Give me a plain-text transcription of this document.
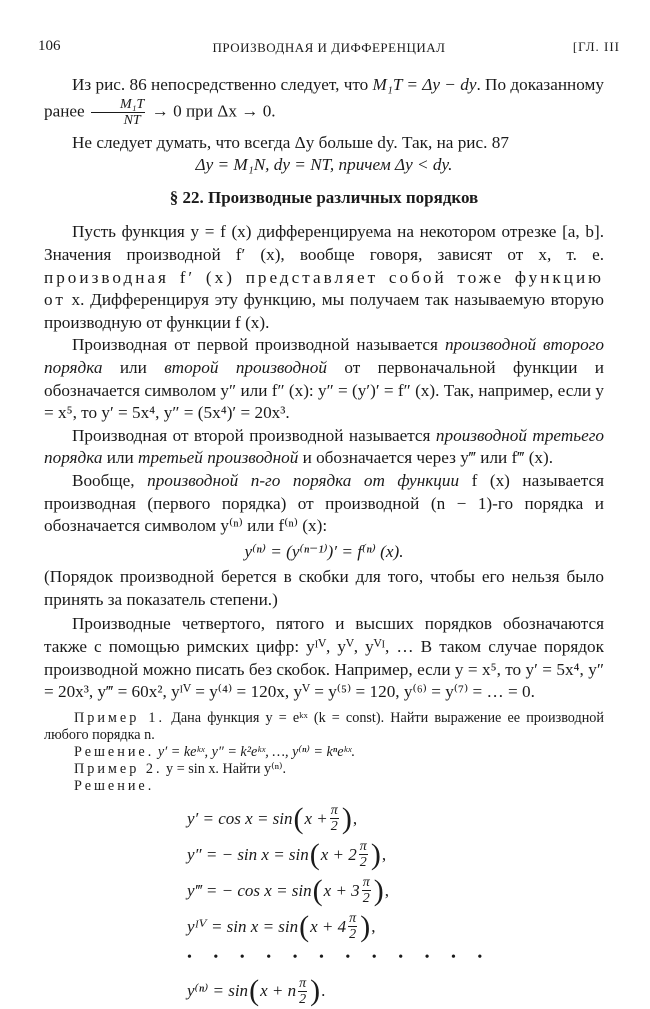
106	ПРОИЗВОДНАЯ И ДИФФЕРЕНЦИАЛ	[ГЛ. III

Из рис. 86 непосредственно следует, что M₁T = Δy − dy. По доказанному ранее $\frac{\text{M₁T}}{NT} \to 0$ при Δx → 0.

Не следует думать, что всегда Δy больше dy. Так, на рис. 87

Δy = M₁N, dy = NT, причем Δy < dy.

§ 22. Производные различных порядков

Пусть функция y = f (x) дифференцируема на некотором отрезке [a, b]. Значения производной f′ (x), вообще говоря, зависят от x, т. е. производная f′ (x) представляет собой тоже функцию от x. Дифференцируя эту функцию, мы получаем так называемую вторую производную от функции f (x).

Производная от первой производной называется производной второго порядка или второй производной от первоначальной функции и обозначается символом y″ или f″ (x): y″ = (y′)′ = f″ (x). Так, например, если y = x⁵, то y′ = 5x⁴, y″ = (5x⁴)′ = 20x³.

Производная от второй производной называется производной третьего порядка или третьей производной и обозначается через y‴ или f‴ (x).

Вообще, производной n-го порядка от функции f (x) называется производная (первого порядка) от производной (n − 1)-го порядка и обозначается символом y⁽ⁿ⁾ или f⁽ⁿ⁾ (x):

y⁽ⁿ⁾ = (y⁽ⁿ⁻¹⁾)′ = f⁽ⁿ⁾ (x).

(Порядок производной берется в скобки для того, чтобы его нельзя было принять за показатель степени.)

Производные четвертого, пятого и высших порядков обозначаются также с помощью римских цифр: yᴵⱽ, yⱽ, yⱽᴵ, … В таком случае порядок производной можно писать без скобок. Например, если y = x⁵, то y′ = 5x⁴, y″ = 20x³, y‴ = 60x², yᴵⱽ = y⁽⁴⁾ = 120x, yⱽ = y⁽⁵⁾ = 120, y⁽⁶⁾ = y⁽⁷⁾ = … = 0.

Пример 1. Дана функция y = eᵏˣ (k = const). Найти выражение ее производной любого порядка n.

Решение. y′ = keᵏˣ, y″ = k²eᵏˣ, …, y⁽ⁿ⁾ = kⁿeᵏˣ.

Пример 2. y = sin x. Найти y⁽ⁿ⁾.

Решение.

y′ = cos x = sin ( $x + \frac{\pi}{2}$ ) ,
y″ = − sin x = sin ( $x + 2 \frac{\pi}{2}$ ) ,
y‴ = − cos x = sin ( $x + 3 \frac{\pi}{2}$ ) ,
yᴵⱽ = sin x = sin ( $x + 4 \frac{\pi}{2}$ ) ,
• • • • • • • • • • • •
y⁽ⁿ⁾ = sin ( x + n $\frac{\pi}{2}$ ) .
